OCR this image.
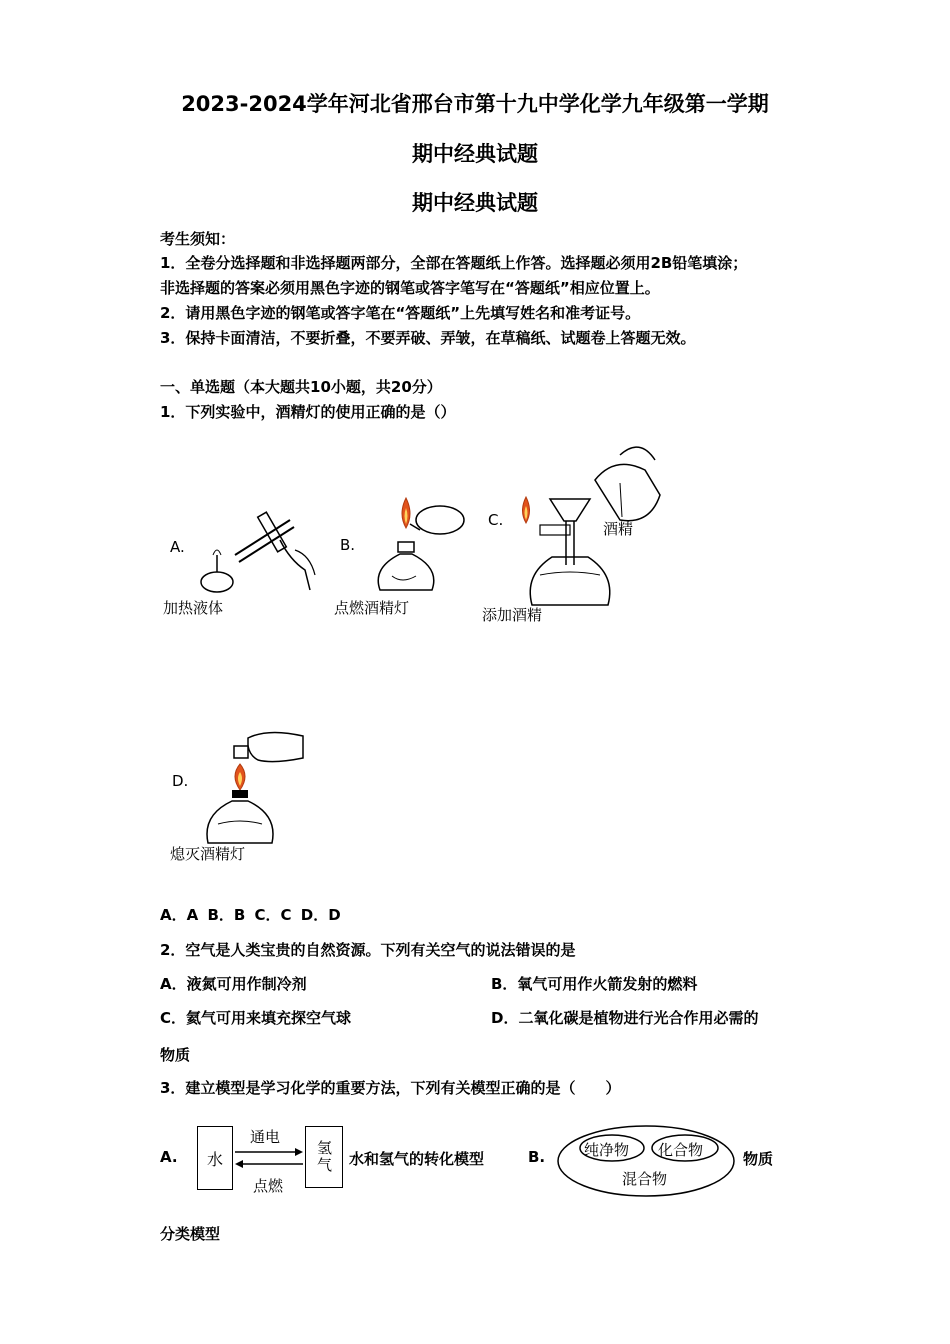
2023-2024学年河北省邢台市第十九中学化学九年级第一学期
期中经典试题
期中经典试题
考生须知：
1．全卷分选择题和非选择题两部分，全部在答题纸上作答。选择题必须用2B铅笔填涂；
非选择题的答案必须用黑色字迹的钢笔或答字笔写在“答题纸”相应位置上。
2．请用黑色字迹的钢笔或答字笔在“答题纸”上先填写姓名和准考证号。
3．保持卡面清洁，不要折叠，不要弄破、弄皱，在草稿纸、试题卷上答题无效。
一、单选题（本大题共10小题，共20分）
1．下列实验中，酒精灯的使用正确的是（）
A.
加热液体
B.
点燃酒精灯
C.	酒精
添加酒精
D.
熄灭酒精灯
A．A B．B C．C D．D
2．空气是人类宝贵的自然资源。下列有关空气的说法错误的是
A．液氮可用作制冷剂	B．氧气可用作火箭发射的燃料
C．氦气可用来填充探空气球	D．二氧化碳是植物进行光合作用必需的
物质
3．建立模型是学习化学的重要方法，下列有关模型正确的是（　　）
A. 水	氢气
通电
点燃
水和氢气的转化模型	B.	纯净物 化合物
混合物
物质
分类模型
